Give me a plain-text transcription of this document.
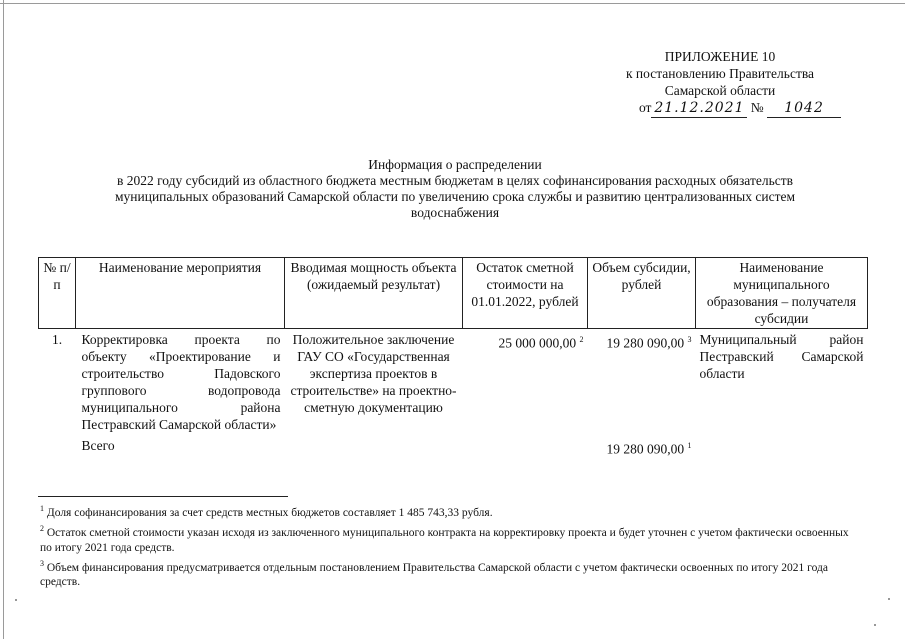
ПРИЛОЖЕНИЕ 10
к постановлению Правительства
Самарской области
от 21.12.2021 № 1042
Информация о распределении
в 2022 году субсидий из областного бюджета местным бюджетам в целях софинансирования расходных обязательств
муниципальных образований Самарской области по увеличению срока службы и развитию централизованных систем
водоснабжения
№ п/п	Наименование мероприятия	Вводимая мощность объекта (ожидаемый результат)	Остаток сметной стоимости на 01.01.2022, рублей	Объем субсидии, рублей	Наименование муниципального образования – получателя субсидии
1.	Корректировка проекта по объекту «Проектирование и строительство Падовского группового водопровода муниципального района Пестравский Самарской области»	Положительное заключение ГАУ СО «Государственная экспертиза проектов в строительстве» на проектно-сметную документацию	25 000 000,00 $^2$	19 280 090,00 $^3$	Муниципальный район Пестравский Самарской области
	Всего			19 280 090,00 $^1$	

$^1$ Доля софинансирования за счет средств местных бюджетов составляет 1 485 743,33 рубля.

$^2$ Остаток сметной стоимости указан исходя из заключенного муниципального контракта на корректировку проекта и будет уточнен с учетом фактически освоенных по итогу 2021 года средств.

$^3$ Объем финансирования предусматривается отдельным постановлением Правительства Самарской области с учетом фактически освоенных по итогу 2021 года средств.
